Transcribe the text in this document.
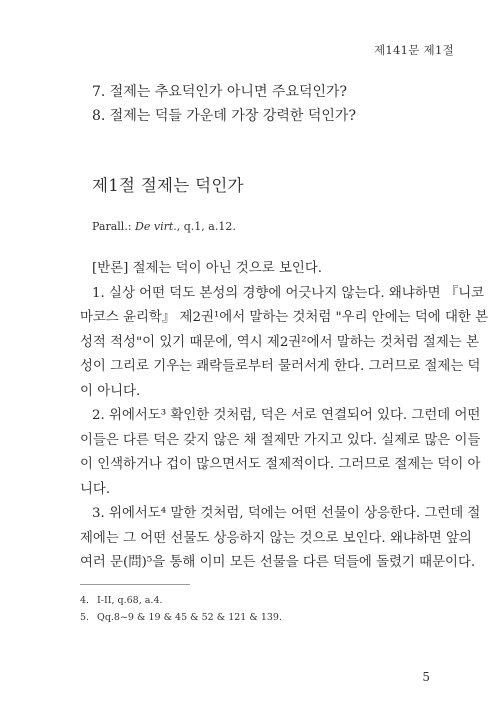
제141문 제1절
7. 절제는 추요덕인가 아니면 주요덕인가?
8. 절제는 덕들 가운데 가장 강력한 덕인가?
제1절 절제는 덕인가
Parall.: De virt., q.1, a.12.
[반론] 절제는 덕이 아닌 것으로 보인다.
1. 실상 어떤 덕도 본성의 경향에 어긋나지 않는다. 왜냐하면 『니코
마코스 윤리학』 제2권¹에서 말하는 것처럼 "우리 안에는 덕에 대한 본
성적 적성"이 있기 때문에, 역시 제2권²에서 말하는 것처럼 절제는 본
성이 그리로 기우는 쾌락들로부터 물러서게 한다. 그러므로 절제는 덕
이 아니다.
2. 위에서도³ 확인한 것처럼, 덕은 서로 연결되어 있다. 그런데 어떤
이들은 다른 덕은 갖지 않은 채 절제만 가지고 있다. 실제로 많은 이들
이 인색하거나 겁이 많으면서도 절제적이다. 그러므로 절제는 덕이 아
니다.
3. 위에서도⁴ 말한 것처럼, 덕에는 어떤 선물이 상응한다. 그런데 절
제에는 그 어떤 선물도 상응하지 않는 것으로 보인다. 왜냐하면 앞의
여러 문(問)⁵을 통해 이미 모든 선물을 다른 덕들에 돌렸기 때문이다.
4. I-II, q.68, a.4.
5. Qq.8~9 & 19 & 45 & 52 & 121 & 139.
5
